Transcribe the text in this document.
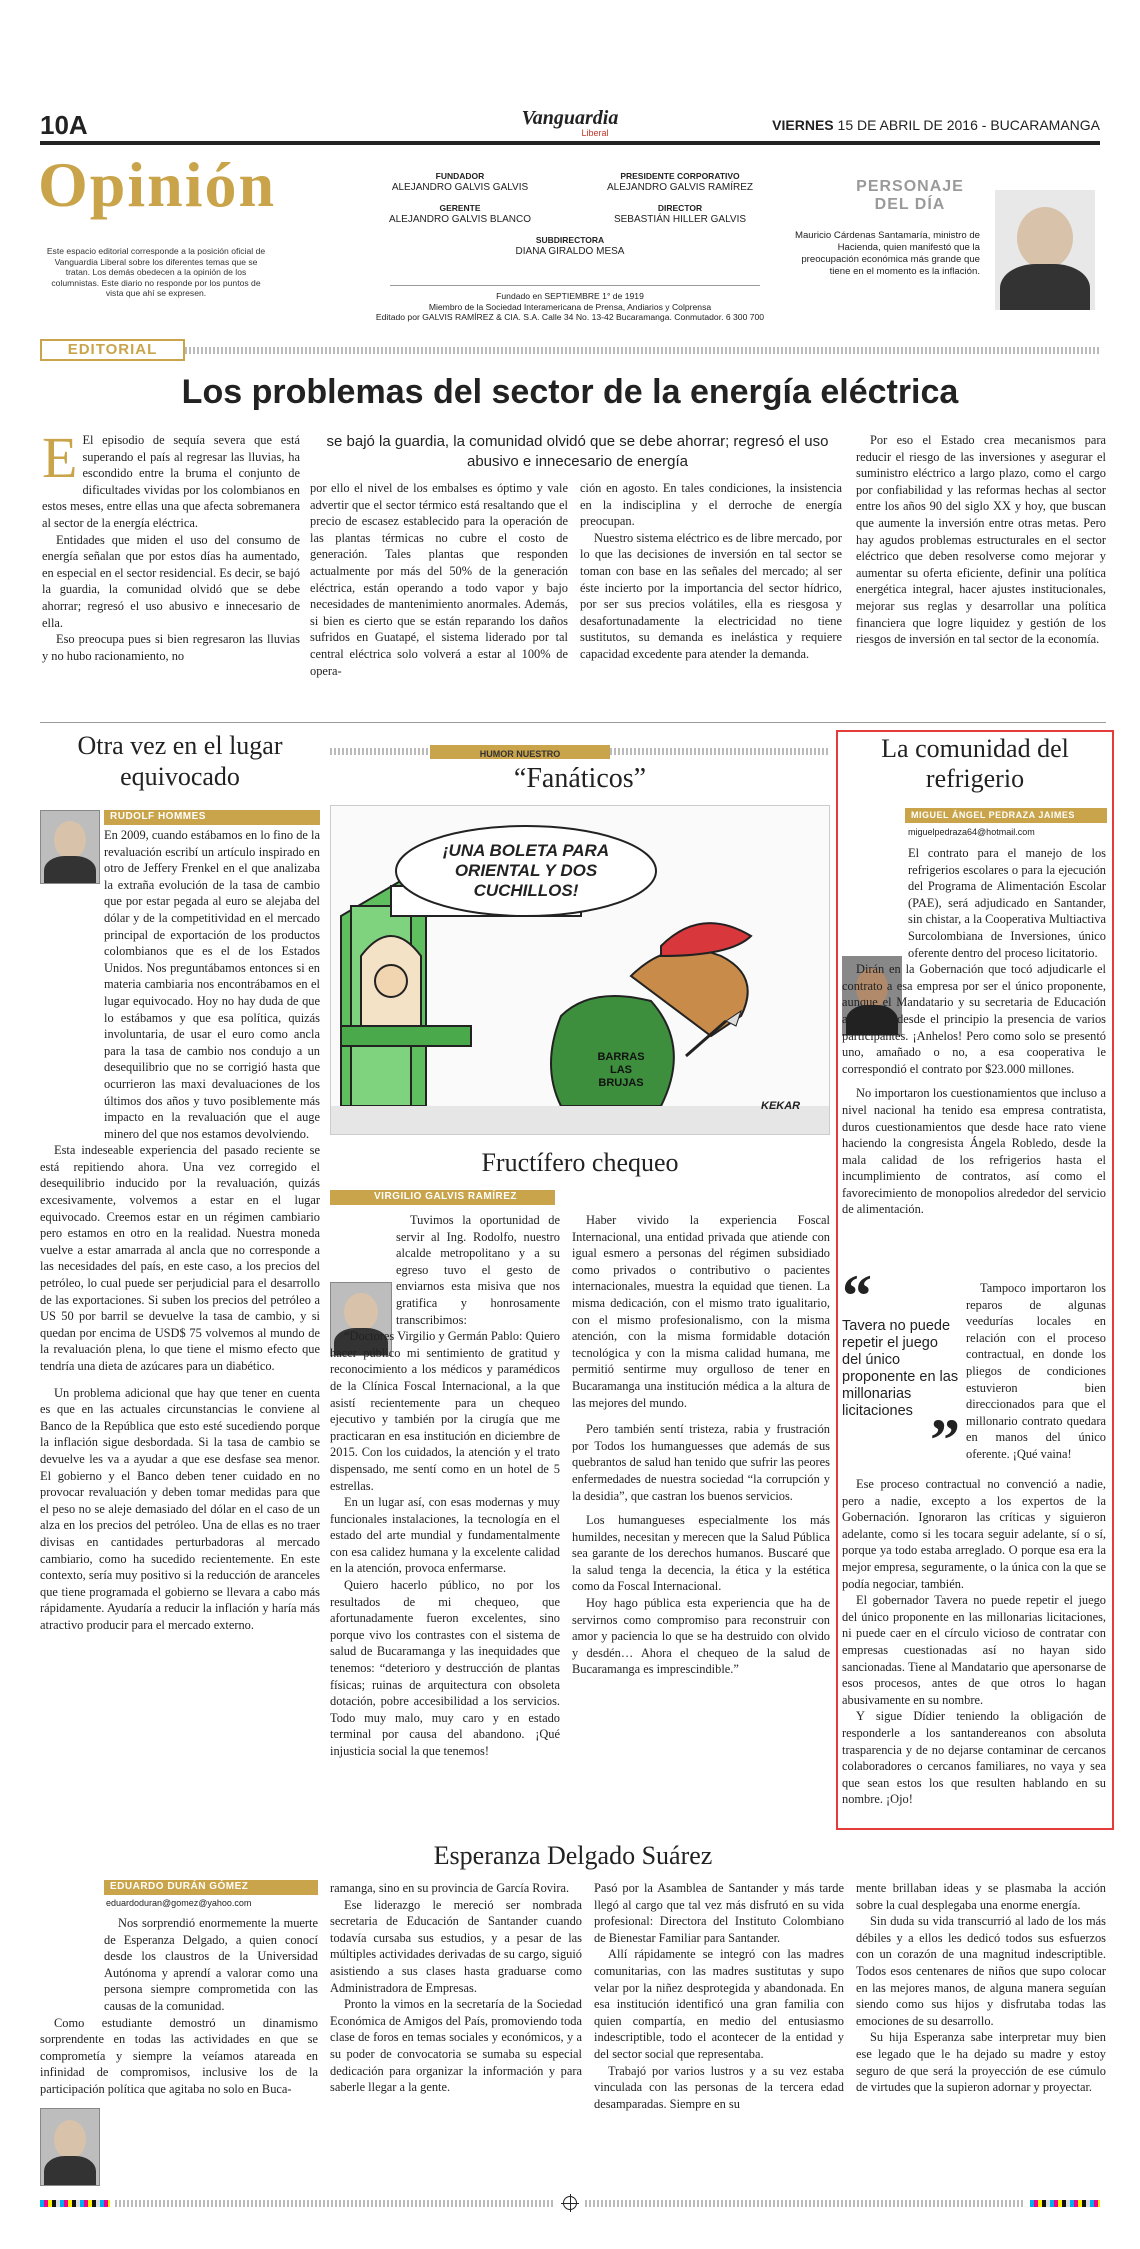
10A	Vanguardia
Liberal	VIERNES 15 DE ABRIL DE 2016 - BUCARAMANGA
Opinión
Este espacio editorial corresponde a la posición oficial de Vanguardia Liberal sobre los diferentes temas que se tratan. Los demás obedecen a la opinión de los columnistas. Este diario no responde por los puntos de vista que ahí se expresen.
FUNDADOR
ALEJANDRO GALVIS GALVIS
PRESIDENTE CORPORATIVO
ALEJANDRO GALVIS RAMÍREZ
GERENTE
ALEJANDRO GALVIS BLANCO
DIRECTOR
SEBASTIÁN HILLER GALVIS
SUBDIRECTORA
DIANA GIRALDO MESA
Fundado en SEPTIEMBRE 1° de 1919
Miembro de la Sociedad Interamericana de Prensa, Andiarios y Colprensa
Editado por GALVIS RAMÍREZ & CIA. S.A. Calle 34 No. 13-42 Bucaramanga. Conmutador. 6 300 700
PERSONAJE
DEL DÍA
Mauricio Cárdenas Santamaría, ministro de Hacienda, quien manifestó que la preocupación económica más grande que tiene en el momento es la inflación.
EDITORIAL
Los problemas del sector de la energía eléctrica

E El episodio de sequía severa que está superando el país al regresar las lluvias, ha escondido entre la bruma el conjunto de dificultades vividas por los colombianos en estos meses, entre ellas una que afecta sobremanera al sector de la energía eléctrica.

Entidades que miden el uso del consumo de energía señalan que por estos días ha aumentado, en especial en el sector residencial. Es decir, se bajó la guardia, la comunidad olvidó que se debe ahorrar; regresó el uso abusivo e innecesario de ella.

Eso preocupa pues si bien regresaron las lluvias y no hubo racionamiento, no

se bajó la guardia, la comunidad olvidó que se debe ahorrar; regresó el uso abusivo e innecesario de energía

por ello el nivel de los embalses es óptimo y vale advertir que el sector térmico está resaltando que el precio de escasez establecido para la operación de las plantas térmicas no cubre el costo de generación. Tales plantas que responden actualmente por más del 50% de la generación eléctrica, están operando a todo vapor y bajo necesidades de mantenimiento anormales. Además, si bien es cierto que se están reparando los daños sufridos en Guatapé, el sistema liderado por tal central eléctrica solo volverá a estar al 100% de opera-

ción en agosto. En tales condiciones, la insistencia en la indisciplina y el derroche de energía preocupan.

Nuestro sistema eléctrico es de libre mercado, por lo que las decisiones de inversión en tal sector se toman con base en las señales del mercado; al ser éste incierto por la importancia del sector hídrico, por ser sus precios volátiles, ella es riesgosa y desafortunadamente la electricidad no tiene sustitutos, su demanda es inelástica y requiere capacidad excedente para atender la demanda.

Por eso el Estado crea mecanismos para reducir el riesgo de las inversiones y asegurar el suministro eléctrico a largo plazo, como el cargo por confiabilidad y las reformas hechas al sector entre los años 90 del siglo XX y hoy, que buscan que aumente la inversión entre otras metas. Pero hay agudos problemas estructurales en el sector eléctrico que deben resolverse como mejorar y aumentar su oferta eficiente, definir una política energética integral, hacer ajustes institucionales, mejorar sus reglas y desarrollar una política financiera que logre liquidez y gestión de los riesgos de inversión en tal sector de la economía.

Otra vez en el lugar equivocado
RUDOLF HOMMES

En 2009, cuando estábamos en lo fino de la revaluación escribí un artículo inspirado en otro de Jeffery Frenkel en el que analizaba la extraña evolución de la tasa de cambio que por estar pegada al euro se alejaba del dólar y de la competitividad en el mercado principal de exportación de los productos colombianos que es el de los Estados Unidos. Nos preguntábamos entonces si en materia cambiaria nos encontrábamos en el lugar equivocado. Hoy no hay duda de que lo estábamos y que esa política, quizás involuntaria, de usar el euro como ancla para la tasa de cambio nos condujo a un desequilibrio que no se corrigió hasta que ocurrieron las maxi devaluaciones de los últimos dos años y tuvo posiblemente más impacto en la revaluación que el auge minero del que nos estamos devolviendo.

Esta indeseable experiencia del pasado reciente se está repitiendo ahora. Una vez corregido el desequilibrio inducido por la revaluación, quizás excesivamente, volvemos a estar en el lugar equivocado. Creemos estar en un régimen cambiario pero estamos en otro en la realidad. Nuestra moneda vuelve a estar amarrada al ancla que no corresponde a las necesidades del país, en este caso, a los precios del petróleo, lo cual puede ser perjudicial para el desarrollo de las exportaciones. Si suben los precios del petróleo a US 50 por barril se devuelve la tasa de cambio, y si quedan por encima de USD$ 75 volvemos al mundo de la revaluación plena, lo que tiene el mismo efecto que tendría una dieta de azúcares para un diabético.

Un problema adicional que hay que tener en cuenta es que en las actuales circunstancias le conviene al Banco de la República que esto esté sucediendo porque la inflación sigue desbordada. Si la tasa de cambio se devuelve les va a ayudar a que ese desfase sea menor. El gobierno y el Banco deben tener cuidado en no provocar revaluación y deben tomar medidas para que el peso no se aleje demasiado del dólar en el caso de un alza en los precios del petróleo. Una de ellas es no traer divisas en cantidades perturbadoras al mercado cambiario, como ha sucedido recientemente. En este contexto, sería muy positivo si la reducción de aranceles que tiene programada el gobierno se llevara a cabo más rápidamente. Ayudaría a reducir la inflación y haría más atractivo producir para el mercado externo.

HUMOR NUESTRO
“Fanáticos”
¡UNA BOLETA PARA ORIENTAL Y DOS CUCHILLOS!
BARRAS LAS BRUJAS
KEKAR
Fructífero chequeo
VIRGILIO GALVIS RAMÍREZ

Tuvimos la oportunidad de servir al Ing. Rodolfo, nuestro alcalde metropolitano y a su egreso tuvo el gesto de enviarnos esta misiva que nos gratifica y honrosamente transcribimos:

“Doctores Virgilio y Germán Pablo: Quiero hacer público mi sentimiento de gratitud y reconocimiento a los médicos y paramédicos de la Clínica Foscal Internacional, a la que asistí recientemente para un chequeo ejecutivo y también por la cirugía que me practicaran en esa institución en diciembre de 2015. Con los cuidados, la atención y el trato dispensado, me sentí como en un hotel de 5 estrellas.

En un lugar así, con esas modernas y muy funcionales instalaciones, la tecnología en el estado del arte mundial y fundamentalmente con esa calidez humana y la excelente calidad en la atención, provoca enfermarse.

Quiero hacerlo público, no por los resultados de mi chequeo, que afortunadamente fueron excelentes, sino porque vivo los contrastes con el sistema de salud de Bucaramanga y las inequidades que tenemos: “deterioro y destrucción de plantas físicas; ruinas de arquitectura con obsoleta dotación, pobre accesibilidad a los servicios. Todo muy malo, muy caro y en estado terminal por causa del abandono. ¡Qué injusticia social la que tenemos!

Haber vivido la experiencia Foscal Internacional, una entidad privada que atiende con igual esmero a personas del régimen subsidiado como privados o contributivo o pacientes internacionales, muestra la equidad que tienen. La misma dedicación, con el mismo trato igualitario, con el mismo profesionalismo, con la misma atención, con la misma formidable dotación tecnológica y con la misma calidad humana, me permitió sentirme muy orgulloso de tener en Bucaramanga una institución médica a la altura de las mejores del mundo.

Pero también sentí tristeza, rabia y frustración por Todos los humanguesses que además de sus quebrantos de salud han tenido que sufrir las peores enfermedades de nuestra sociedad “la corrupción y la desidia”, que castran los buenos servicios.

Los humangueses especialmente los más humildes, necesitan y merecen que la Salud Pública sea garante de los derechos humanos. Buscaré que la salud tenga la decencia, la ética y la estética como da Foscal Internacional.

Hoy hago pública esta experiencia que ha de servirnos como compromiso para reconstruir con amor y paciencia lo que se ha destruido con olvido y desdén… Ahora el chequeo de la salud de Bucaramanga es imprescindible.”

La comunidad del refrigerio
MIGUEL ÁNGEL PEDRAZA JAIMES
miguelpedraza64@hotmail.com

El contrato para el manejo de los refrigerios escolares o para la ejecución del Programa de Alimentación Escolar (PAE), será adjudicado en Santander, sin chistar, a la Cooperativa Multiactiva Surcolombiana de Inversiones, único oferente dentro del proceso licitatorio.

Dirán en la Gobernación que tocó adjudicarle el contrato a esa empresa por ser el único proponente, aunque el Mandatario y su secretaria de Educación anhelaban desde el principio la presencia de varios participantes. ¡Anhelos! Pero como solo se presentó uno, amañado o no, a esa cooperativa le correspondió el contrato por $23.000 millones.

No importaron los cuestionamientos que incluso a nivel nacional ha tenido esa empresa contratista, duros cuestionamientos que desde hace rato viene haciendo la congresista Ángela Robledo, desde la mala calidad de los refrigerios hasta el incumplimiento de contratos, así como el favorecimiento de monopolios alrededor del servicio de alimentación.

“
Tavera no puede repetir el juego del único proponente en las millonarias licitaciones ”

Tampoco importaron los reparos de algunas veedurías locales en relación con el proceso contractual, en donde los pliegos de condiciones estuvieron bien direccionados para que el millonario contrato quedara en manos del único oferente. ¡Qué vaina!

Ese proceso contractual no convenció a nadie, pero a nadie, excepto a los expertos de la Gobernación. Ignoraron las críticas y siguieron adelante, como si les tocara seguir adelante, sí o sí, porque ya todo estaba arreglado. O porque esa era la mejor empresa, seguramente, o la única con la que se podía negociar, también.

El gobernador Tavera no puede repetir el juego del único proponente en las millonarias licitaciones, ni puede caer en el círculo vicioso de contratar con empresas cuestionadas así no hayan sido sancionadas. Tiene al Mandatario que apersonarse de esos procesos, antes de que otros lo hagan abusivamente en su nombre.

Y sigue Dídier teniendo la obligación de responderle a los santandereanos con absoluta trasparencia y de no dejarse contaminar de cercanos colaboradores o cercanos familiares, no vaya y sea que sean estos los que resulten hablando en su nombre. ¡Ojo!

Esperanza Delgado Suárez
EDUARDO DURÁN GÓMEZ
eduardoduran@gomez@yahoo.com

Nos sorprendió enormemente la muerte de Esperanza Delgado, a quien conocí desde los claustros de la Universidad Autónoma y aprendí a valorar como una persona siempre comprometida con las causas de la comunidad.

Como estudiante demostró un dinamismo sorprendente en todas las actividades en que se comprometía y siempre la veíamos atareada en infinidad de compromisos, inclusive los de la participación política que agitaba no solo en Buca-

ramanga, sino en su provincia de García Rovira.

Ese liderazgo le mereció ser nombrada secretaria de Educación de Santander cuando todavía cursaba sus estudios, y a pesar de las múltiples actividades derivadas de su cargo, siguió asistiendo a sus clases hasta graduarse como Administradora de Empresas.

Pronto la vimos en la secretaría de la Sociedad Económica de Amigos del País, promoviendo toda clase de foros en temas sociales y económicos, y a su poder de convocatoria se sumaba su especial dedicación para organizar la información y para saberle llegar a la gente.

Pasó por la Asamblea de Santander y más tarde llegó al cargo que tal vez más disfrutó en su vida profesional: Directora del Instituto Colombiano de Bienestar Familiar para Santander.

Allí rápidamente se integró con las madres comunitarias, con las madres sustitutas y supo velar por la niñez desprotegida y abandonada. En esa institución identificó una gran familia con quien compartía, en medio del entusiasmo indescriptible, todo el acontecer de la entidad y del sector social que representaba.

Trabajó por varios lustros y a su vez estaba vinculada con las personas de la tercera edad desamparadas. Siempre en su

mente brillaban ideas y se plasmaba la acción sobre la cual desplegaba una enorme energía.

Sin duda su vida transcurrió al lado de los más débiles y a ellos les dedicó todos sus esfuerzos con un corazón de una magnitud indescriptible. Todos esos centenares de niños que supo colocar en las mejores manos, de alguna manera seguían siendo como sus hijos y disfrutaba todas las emociones de su desarrollo.

Su hija Esperanza sabe interpretar muy bien ese legado que le ha dejado su madre y estoy seguro de que será la proyección de ese cúmulo de virtudes que la supieron adornar y proyectar.
